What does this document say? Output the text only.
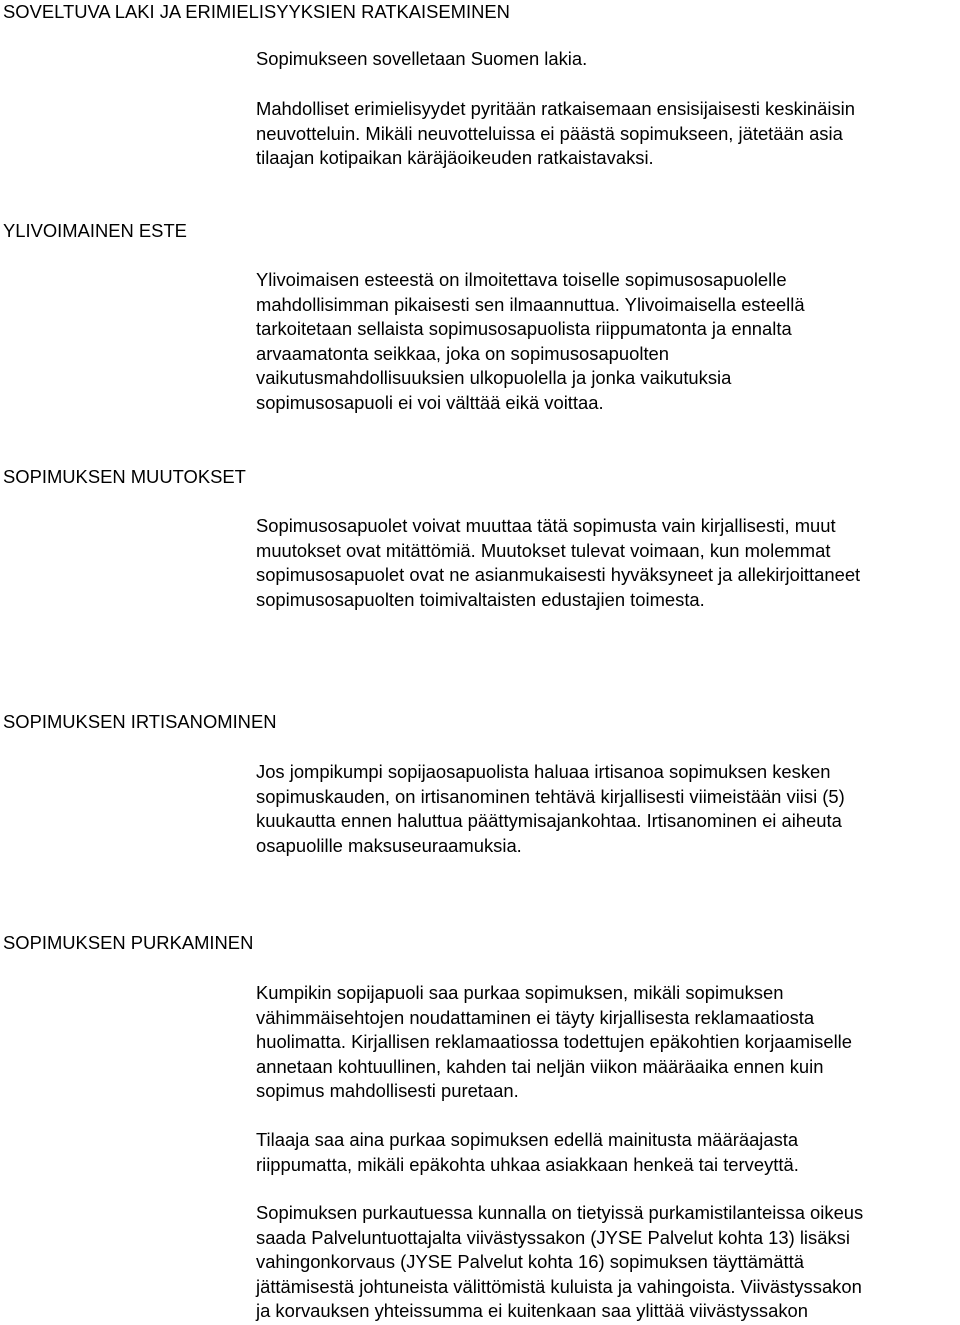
SOVELTUVA LAKI JA ERIMIELISYYKSIEN RATKAISEMINEN
Sopimukseen sovelletaan Suomen lakia.
Mahdolliset erimielisyydet pyritään ratkaisemaan ensisijaisesti keskinäisin
neuvotteluin. Mikäli neuvotteluissa ei päästä sopimukseen, jätetään asia
tilaajan kotipaikan käräjäoikeuden ratkaistavaksi.
YLIVOIMAINEN ESTE
Ylivoimaisen esteestä on ilmoitettava toiselle sopimusosapuolelle
mahdollisimman pikaisesti sen ilmaannuttua. Ylivoimaisella esteellä
tarkoitetaan sellaista sopimusosapuolista riippumatonta ja ennalta
arvaamatonta seikkaa, joka on sopimusosapuolten
vaikutusmahdollisuuksien ulkopuolella ja jonka vaikutuksia
sopimusosapuoli ei voi välttää eikä voittaa.
SOPIMUKSEN MUUTOKSET
Sopimusosapuolet voivat muuttaa tätä sopimusta vain kirjallisesti, muut
muutokset ovat mitättömiä. Muutokset tulevat voimaan, kun molemmat
sopimusosapuolet ovat ne asianmukaisesti hyväksyneet ja allekirjoittaneet
sopimusosapuolten toimivaltaisten edustajien toimesta.
SOPIMUKSEN IRTISANOMINEN
Jos jompikumpi sopijaosapuolista haluaa irtisanoa sopimuksen kesken
sopimuskauden, on irtisanominen tehtävä kirjallisesti viimeistään viisi (5)
kuukautta ennen haluttua päättymisajankohtaa. Irtisanominen ei aiheuta
osapuolille maksuseuraamuksia.
SOPIMUKSEN PURKAMINEN
Kumpikin sopijapuoli saa purkaa sopimuksen, mikäli sopimuksen
vähimmäisehtojen noudattaminen ei täyty kirjallisesta reklamaatiosta
huolimatta. Kirjallisen reklamaatiossa todettujen epäkohtien korjaamiselle
annetaan kohtuullinen, kahden tai neljän viikon määräaika ennen kuin
sopimus mahdollisesti puretaan.
Tilaaja saa aina purkaa sopimuksen edellä mainitusta määräajasta
riippumatta, mikäli epäkohta uhkaa asiakkaan henkeä tai terveyttä.
Sopimuksen purkautuessa kunnalla on tietyissä purkamistilanteissa oikeus
saada Palveluntuottajalta viivästyssakon (JYSE Palvelut kohta 13) lisäksi
vahingonkorvaus (JYSE Palvelut kohta 16) sopimuksen täyttämättä
jättämisestä johtuneista välittömistä kuluista ja vahingoista. Viivästyssakon
ja korvauksen yhteissumma ei kuitenkaan saa ylittää viivästyssakon
